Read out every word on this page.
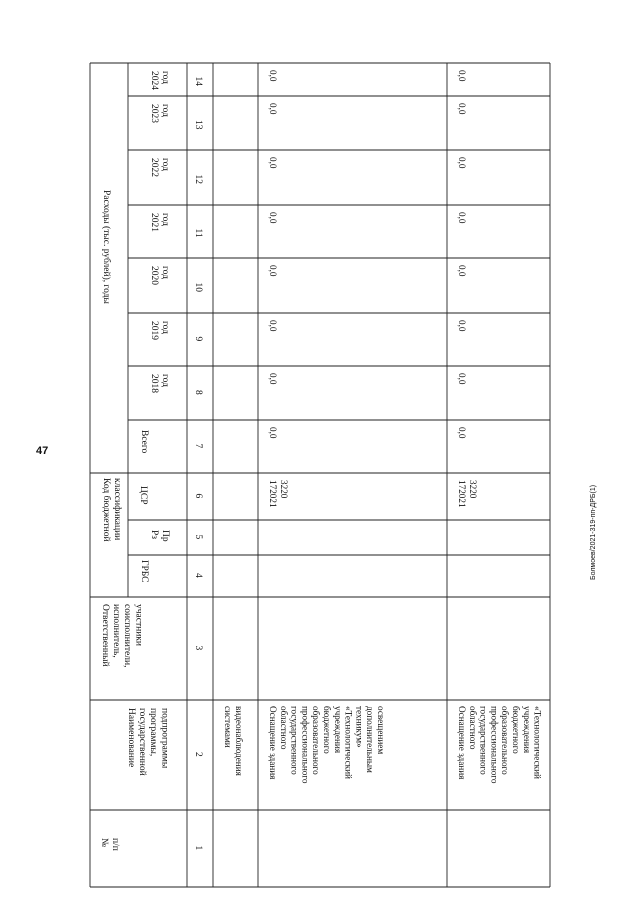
47
Болмоев/2021-319-пп-ДРБ(1)
№ п/п
Наименование государственной программы, подпрограммы
Ответственный исполнитель, соисполнители, участники
Код бюджетной классификации
ГРБС
Рз Пр
ЦСР
Расходы (тыс. рублей), годы
Всего
2018 год
2019 год
2020 год
2021 год
2022 год
2023 год
2024 год
1
2
3
4
5
6
7
8
9
10
11
12
13
14
системами видеонаблюдения	Оснащение здания областного государственного профессионального образовательного бюджетного учреждения «Технологический техникум» дополнительным освещением
172021 3220
0,0
0,0
0,0
0,0
0,0
0,0
0,0
0,0
Оснащение здания областного государственного профессионального образовательного бюджетного учреждения «Технологический
172021 3220
0,0
0,0
0,0
0,0
0,0
0,0
0,0
0,0
